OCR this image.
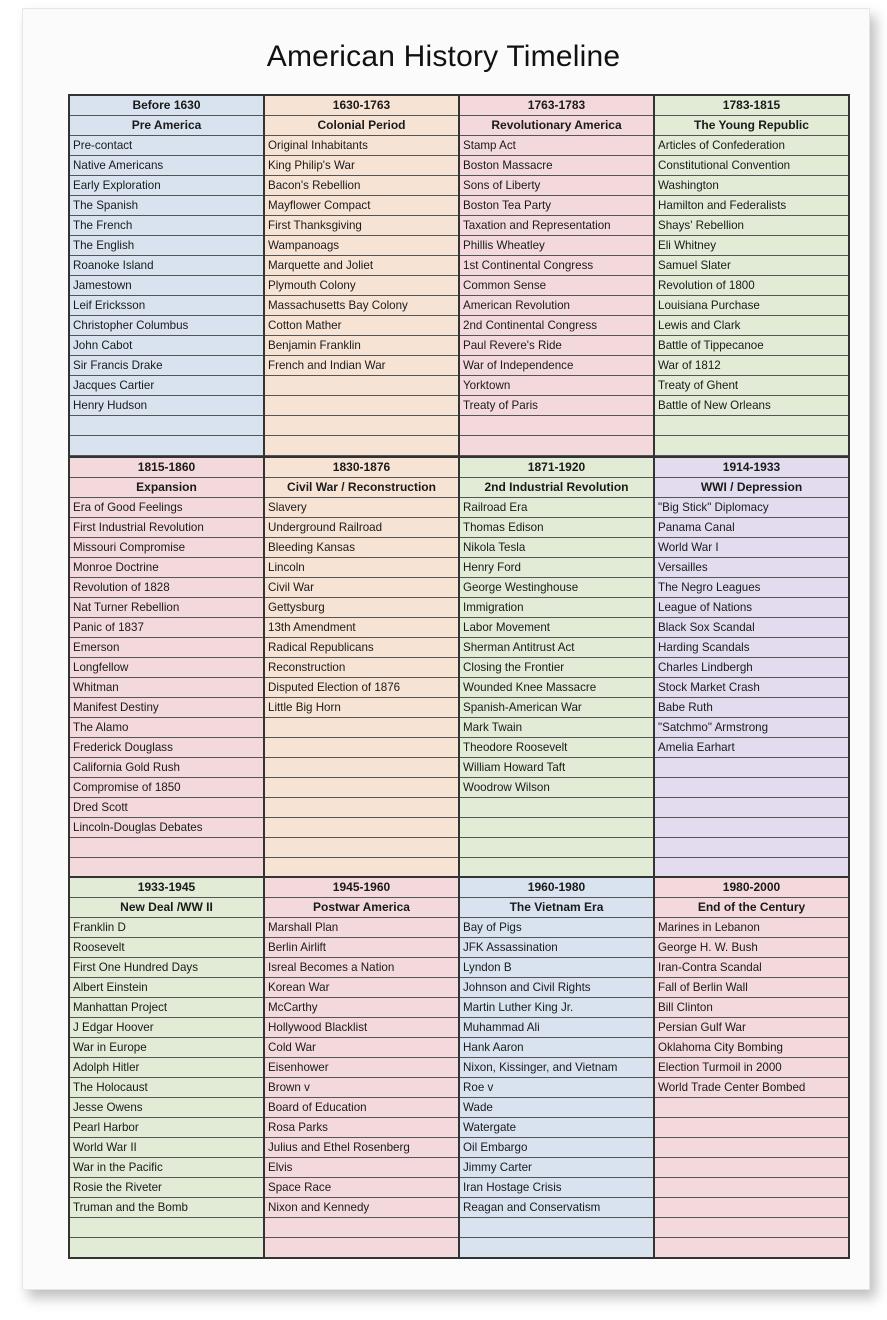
American History Timeline
Before 1630
Pre America
Pre-contact
Native Americans
Early Exploration
The Spanish
The French
The English
Roanoke Island
Jamestown
Leif Ericksson
Christopher Columbus
John Cabot
Sir Francis Drake
Jacques Cartier
Henry Hudson

1630-1763
Colonial Period
Original Inhabitants
King Philip's War
Bacon's Rebellion
Mayflower Compact
First Thanksgiving
Wampanoags
Marquette and Joliet
Plymouth Colony
Massachusetts Bay Colony
Cotton Mather
Benjamin Franklin
French and Indian War

1763-1783
Revolutionary America
Stamp Act
Boston Massacre
Sons of Liberty
Boston Tea Party
Taxation and Representation
Phillis Wheatley
1st Continental Congress
Common Sense
American Revolution
2nd Continental Congress
Paul Revere's Ride
War of Independence
Yorktown
Treaty of Paris

1783-1815
The Young Republic
Articles of Confederation
Constitutional Convention
Washington
Hamilton and Federalists
Shays' Rebellion
Eli Whitney
Samuel Slater
Revolution of 1800
Louisiana Purchase
Lewis and Clark
Battle of Tippecanoe
War of 1812
Treaty of Ghent
Battle of New Orleans

1815-1860
Expansion
Era of Good Feelings
First Industrial Revolution
Missouri Compromise
Monroe Doctrine
Revolution of 1828
Nat Turner Rebellion
Panic of 1837
Emerson
Longfellow
Whitman
Manifest Destiny
The Alamo
Frederick Douglass
California Gold Rush
Compromise of 1850
Dred Scott
Lincoln-Douglas Debates

1830-1876
Civil War / Reconstruction
Slavery
Underground Railroad
Bleeding Kansas
Lincoln
Civil War
Gettysburg
13th Amendment
Radical Republicans
Reconstruction
Disputed Election of 1876
Little Big Horn

1871-1920
2nd Industrial Revolution
Railroad Era
Thomas Edison
Nikola Tesla
Henry Ford
George Westinghouse
Immigration
Labor Movement
Sherman Antitrust Act
Closing the Frontier
Wounded Knee Massacre
Spanish-American War
Mark Twain
Theodore Roosevelt
William Howard Taft
Woodrow Wilson

1914-1933
WWI / Depression
"Big Stick" Diplomacy
Panama Canal
World War I
Versailles
The Negro Leagues
League of Nations
Black Sox Scandal
Harding Scandals
Charles Lindbergh
Stock Market Crash
Babe Ruth
"Satchmo" Armstrong
Amelia Earhart

1933-1945
New Deal /WW II
Franklin D
Roosevelt
First One Hundred Days
Albert Einstein
Manhattan Project
J Edgar Hoover
War in Europe
Adolph Hitler
The Holocaust
Jesse Owens
Pearl Harbor
World War II
War in the Pacific
Rosie the Riveter
Truman and the Bomb

1945-1960
Postwar America
Marshall Plan
Berlin Airlift
Isreal Becomes a Nation
Korean War
McCarthy
Hollywood Blacklist
Cold War
Eisenhower
Brown v
Board of Education
Rosa Parks
Julius and Ethel Rosenberg
Elvis
Space Race
Nixon and Kennedy

1960-1980
The Vietnam Era
Bay of Pigs
JFK Assassination
Lyndon B
Johnson and Civil Rights
Martin Luther King Jr.
Muhammad Ali
Hank Aaron
Nixon, Kissinger, and Vietnam
Roe v
Wade
Watergate
Oil Embargo
Jimmy Carter
Iran Hostage Crisis
Reagan and Conservatism

1980-2000
End of the Century
Marines in Lebanon
George H. W. Bush
Iran-Contra Scandal
Fall of Berlin Wall
Bill Clinton
Persian Gulf War
Oklahoma City Bombing
Election Turmoil in 2000
World Trade Center Bombed
